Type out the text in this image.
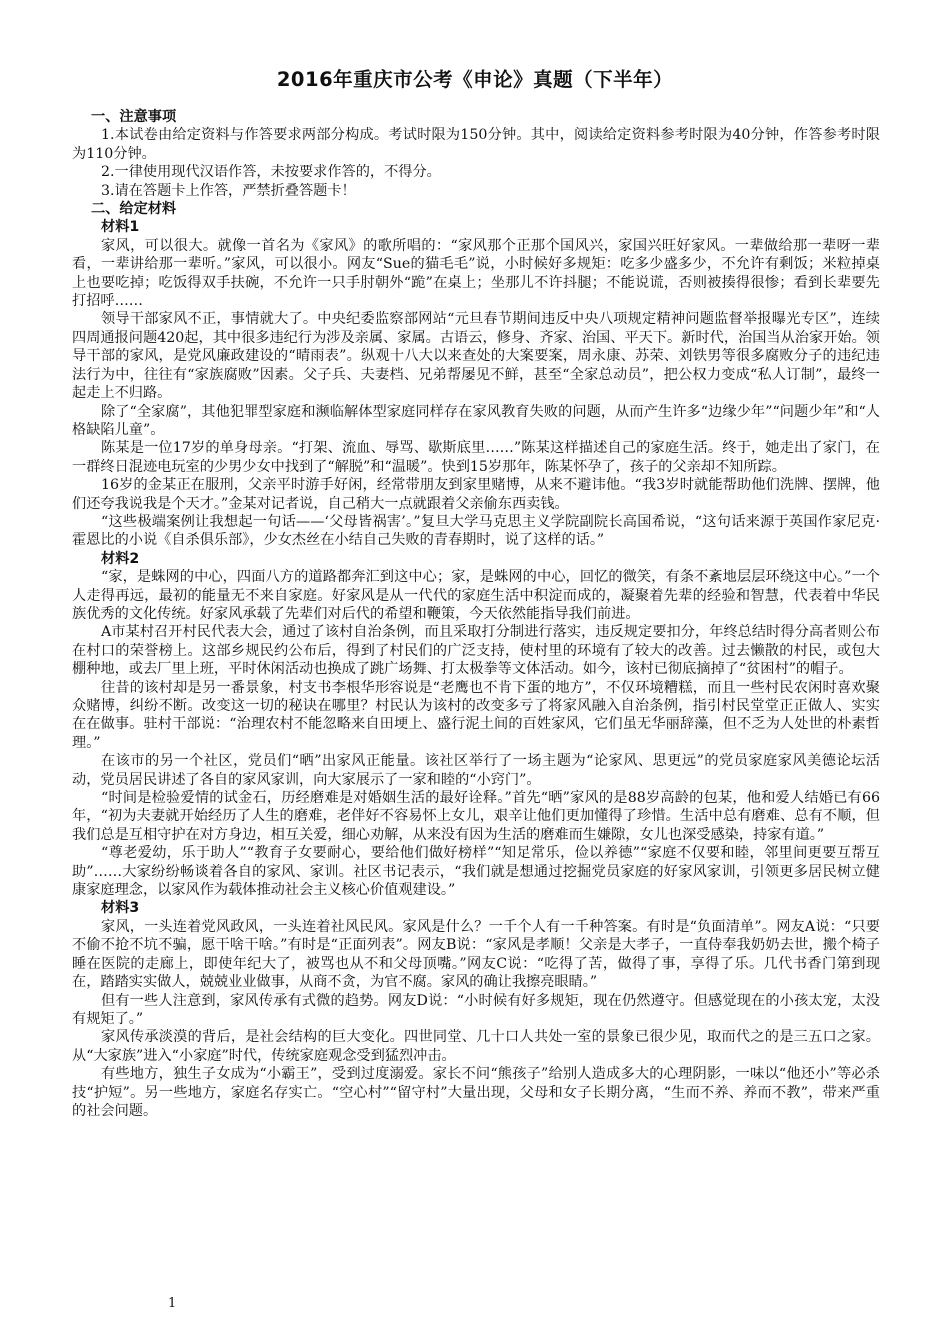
2016年重庆市公考《申论》真题（下半年）

一、注意事项

1.本试卷由给定资料与作答要求两部分构成。考试时限为150分钟。其中，阅读给定资料参考时限为40分钟，作答参考时限为110分钟。

2.一律使用现代汉语作答，未按要求作答的，不得分。

3.请在答题卡上作答，严禁折叠答题卡！

二、给定材料

材料1

家风，可以很大。就像一首名为《家风》的歌所唱的：“家风那个正那个国风兴，家国兴旺好家风。一辈做给那一辈呀一辈看，一辈讲给那一辈听。”家风，可以很小。网友“Sue的猫毛毛”说，小时候好多规矩：吃多少盛多少，不允许有剩饭；米粒掉桌上也要吃掉；吃饭得双手扶碗，不允许一只手肘朝外“跪”在桌上；坐那儿不许抖腿；不能说谎，否则被揍得很惨；看到长辈要先打招呼……

领导干部家风不正，事情就大了。中央纪委监察部网站“元旦春节期间违反中央八项规定精神问题监督举报曝光专区”，连续四周通报问题420起，其中很多违纪行为涉及亲属、家属。古语云，修身、齐家、治国、平天下。新时代，治国当从治家开始。领导干部的家风，是党风廉政建设的“晴雨表”。纵观十八大以来查处的大案要案，周永康、苏荣、刘铁男等很多腐败分子的违纪违法行为中，往往有“家族腐败”因素。父子兵、夫妻档、兄弟帮屡见不鲜，甚至“全家总动员”，把公权力变成“私人订制”，最终一起走上不归路。

除了“全家腐”，其他犯罪型家庭和濒临解体型家庭同样存在家风教育失败的问题，从而产生许多“边缘少年”“问题少年”和“人格缺陷儿童”。

陈某是一位17岁的单身母亲。“打架、流血、辱骂、歇斯底里……”陈某这样描述自己的家庭生活。终于，她走出了家门，在一群终日混迹电玩室的少男少女中找到了“解脱”和“温暖”。快到15岁那年，陈某怀孕了，孩子的父亲却不知所踪。

16岁的金某正在服刑，父亲平时游手好闲，经常带朋友到家里赌博，从来不避讳他。“我3岁时就能帮助他们洗牌、摆牌，他们还夸我说我是个天才。”金某对记者说，自己稍大一点就跟着父亲偷东西卖钱。

“这些极端案例让我想起一句话——‘父母皆祸害’。”复旦大学马克思主义学院副院长高国希说，“这句话来源于英国作家尼克·霍恩比的小说《自杀俱乐部》，少女杰丝在小结自己失败的青春期时，说了这样的话。”

材料2

“家，是蛛网的中心，四面八方的道路都奔汇到这中心；家，是蛛网的中心，回忆的微笑，有条不紊地层层环绕这中心。”一个人走得再远，最初的能量无不来自家庭。好家风是从一代代的家庭生活中积淀而成的，凝聚着先辈的经验和智慧，代表着中华民族优秀的文化传统。好家风承载了先辈们对后代的希望和鞭策，今天依然能指导我们前进。

A市某村召开村民代表大会，通过了该村自治条例，而且采取打分制进行落实，违反规定要扣分，年终总结时得分高者则公布在村口的荣誉榜上。这部乡规民约公布后，得到了村民们的广泛支持，使村里的环境有了较大的改善。过去懒散的村民，或包大棚种地，或去厂里上班，平时休闲活动也换成了跳广场舞、打太极拳等文体活动。如今，该村已彻底摘掉了“贫困村”的帽子。

往昔的该村却是另一番景象，村支书李根华形容说是“老鹰也不肯下蛋的地方”，不仅环境糟糕，而且一些村民农闲时喜欢聚众赌博，纠纷不断。改变这一切的秘诀在哪里？村民认为该村的改变多亏了将家风融入自治条例，指引村民堂堂正正做人、实实在在做事。驻村干部说：“治理农村不能忽略来自田埂上、盛行泥土间的百姓家风，它们虽无华丽辞藻，但不乏为人处世的朴素哲理。”

在该市的另一个社区，党员们“晒”出家风正能量。该社区举行了一场主题为“论家风、思更远”的党员家庭家风美德论坛活动，党员居民讲述了各自的家风家训，向大家展示了一家和睦的“小窍门”。

“时间是检验爱情的试金石，历经磨难是对婚姻生活的最好诠释。”首先“晒”家风的是88岁高龄的包某，他和爱人结婚已有66年，“初为夫妻就开始经历了人生的磨难，老伴好不容易怀上女儿，艰辛让他们更加懂得了珍惜。生活中总有磨难、总有不顺，但我们总是互相守护在对方身边，相互关爱，细心劝解，从来没有因为生活的磨难而生嫌隙，女儿也深受感染，持家有道。”

“尊老爱幼，乐于助人”“教育子女要耐心，要给他们做好榜样”“知足常乐，俭以养德”“家庭不仅要和睦，邻里间更要互帮互助”……大家纷纷畅谈着各自的家风、家训。社区书记表示，“我们就是想通过挖掘党员家庭的好家风家训，引领更多居民树立健康家庭理念，以家风作为载体推动社会主义核心价值观建设。”

材料3

家风，一头连着党风政风，一头连着社风民风。家风是什么？一千个人有一千种答案。有时是“负面清单”。网友A说：“只要不偷不抢不坑不骗，愿干啥干啥。”有时是“正面列表”。网友B说：“家风是孝顺！父亲是大孝子，一直侍奉我奶奶去世，搬个椅子睡在医院的走廊上，即使年纪大了，被骂也从不和父母顶嘴。”网友C说：“吃得了苦，做得了事，享得了乐。几代书香门第到现在，踏踏实实做人，兢兢业业做事，从商不贪，为官不腐。家风的确让我擦亮眼睛。”

但有一些人注意到，家风传承有式微的趋势。网友D说：“小时候有好多规矩，现在仍然遵守。但感觉现在的小孩太宠，太没有规矩了。”

家风传承淡漠的背后，是社会结构的巨大变化。四世同堂、几十口人共处一室的景象已很少见，取而代之的是三五口之家。从“大家族”进入“小家庭”时代，传统家庭观念受到猛烈冲击。

有些地方，独生子女成为“小霸王”，受到过度溺爱。家长不问“熊孩子”给别人造成多大的心理阴影，一味以“他还小”等必杀技“护短”。另一些地方，家庭名存实亡。“空心村”“留守村”大量出现，父母和女子长期分离，“生而不养、养而不教”，带来严重的社会问题。

1
